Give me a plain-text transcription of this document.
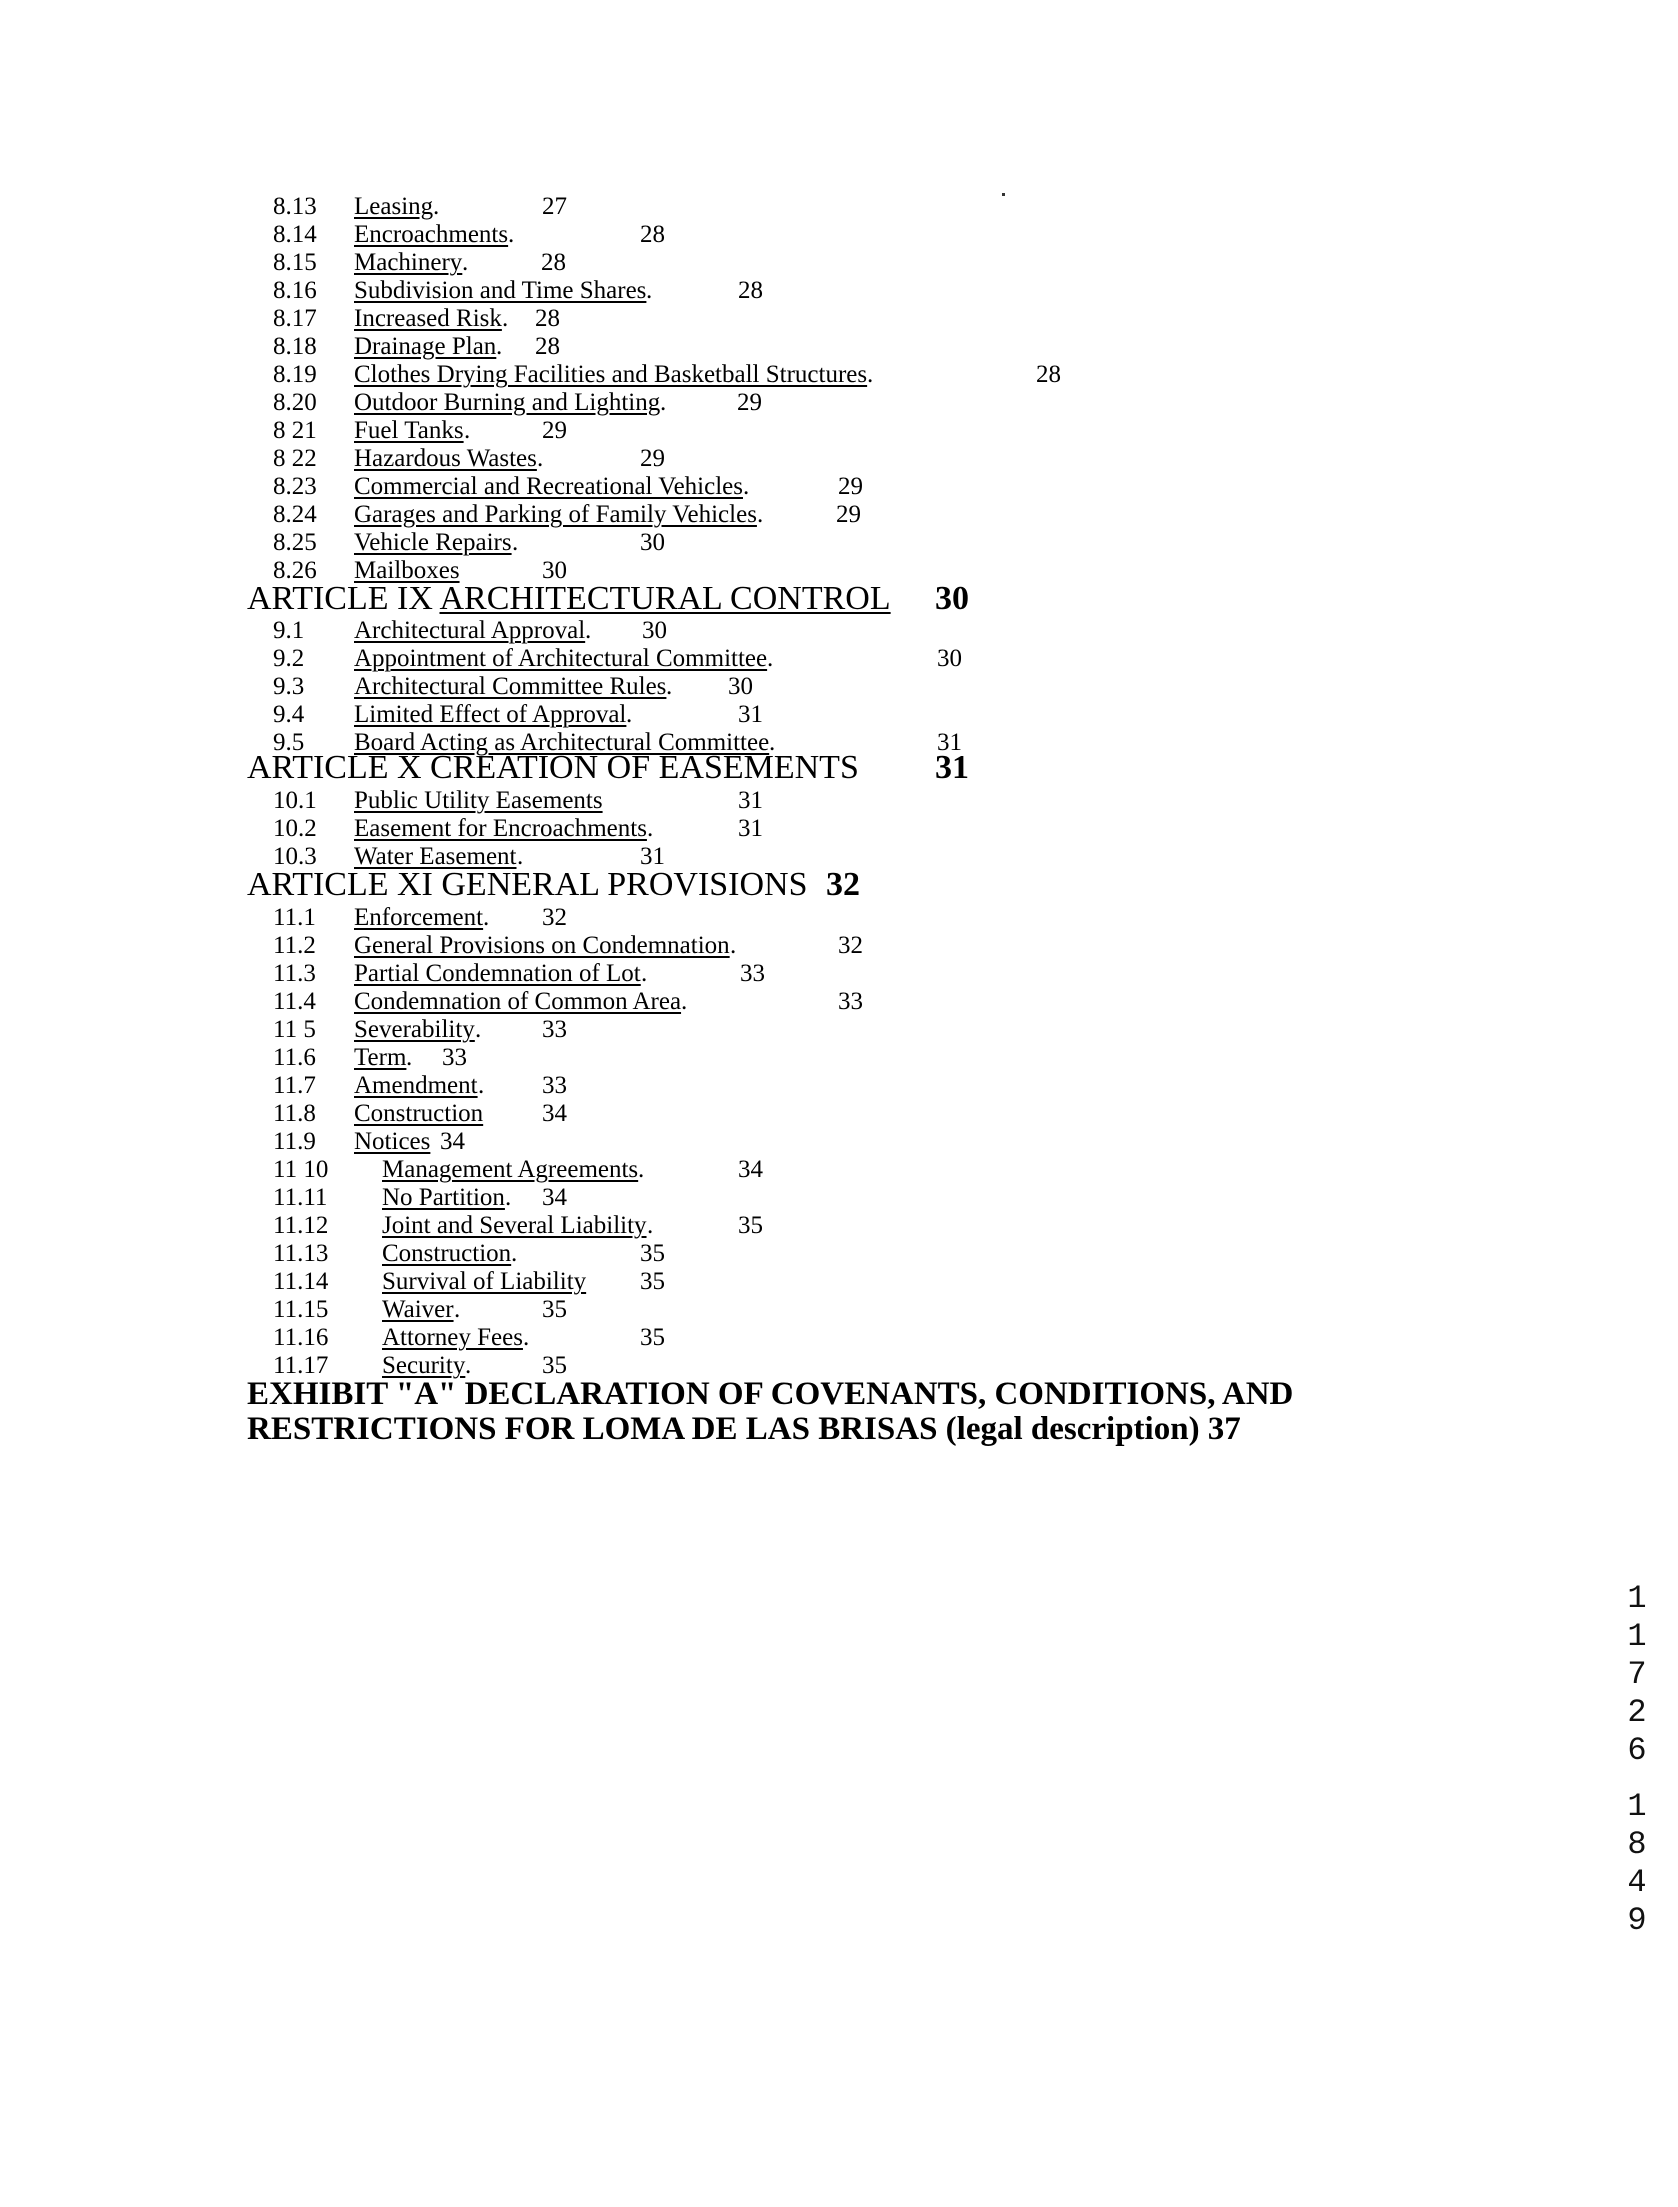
8.13 Leasing .	27
8.14 Encroachments .	28
8.15 Machinery .	28
8.16 Subdivision and Time Shares .	28
8.17 Increased Risk . 28
8.18 Drainage Plan . 28
8.19 Clothes Drying Facilities and Basketball Structures .	28
8.20 Outdoor Burning and Lighting .	29
8 21 Fuel Tanks .	29
8 22 Hazardous Wastes .	29
8.23 Commercial and Recreational Vehicles .	29
8.24 Garages and Parking of Family Vehicles .	29
8.25 Vehicle Repairs .	30
8.26 Mailboxes	30
ARTICLE IX ARCHITECTURAL CONTROL 30
9.1 Architectural Approval . 30
9.2 Appointment of Architectural Committee .	30
9.3 Architectural Committee Rules . 30
9.4 Limited Effect of Approval .	31
9.5 Board Acting as Architectural Committee .	31
ARTICLE X CREATION OF EASEMENTS 31
10.1 Public Utility Easements	31
10.2 Easement for Encroachments .	31
10.3 Water Easement .	31
ARTICLE XI GENERAL PROVISIONS 32
11.1 Enforcement . 32
11.2 General Provisions on Condemnation .	32
11.3 Partial Condemnation of Lot .	33
11.4 Condemnation of Common Area .	33
11 5 Severability . 33
11.6 Term . 33
11.7 Amendment . 33
11.8 Construction 34
11.9 Notices 34
11 10 Management Agreements .	34
11.11 No Partition . 34
11.12 Joint and Several Liability .	35
11.13 Construction .	35
11.14 Survival of Liability 35
11.15 Waiver .	35
11.16 Attorney Fees .	35
11.17 Security .	35
EXHIBIT "A" DECLARATION OF COVENANTS, CONDITIONS, AND
RESTRICTIONS FOR LOMA DE LAS BRISAS (legal description) 37
1
1
7
2
6
1
8
4
9
